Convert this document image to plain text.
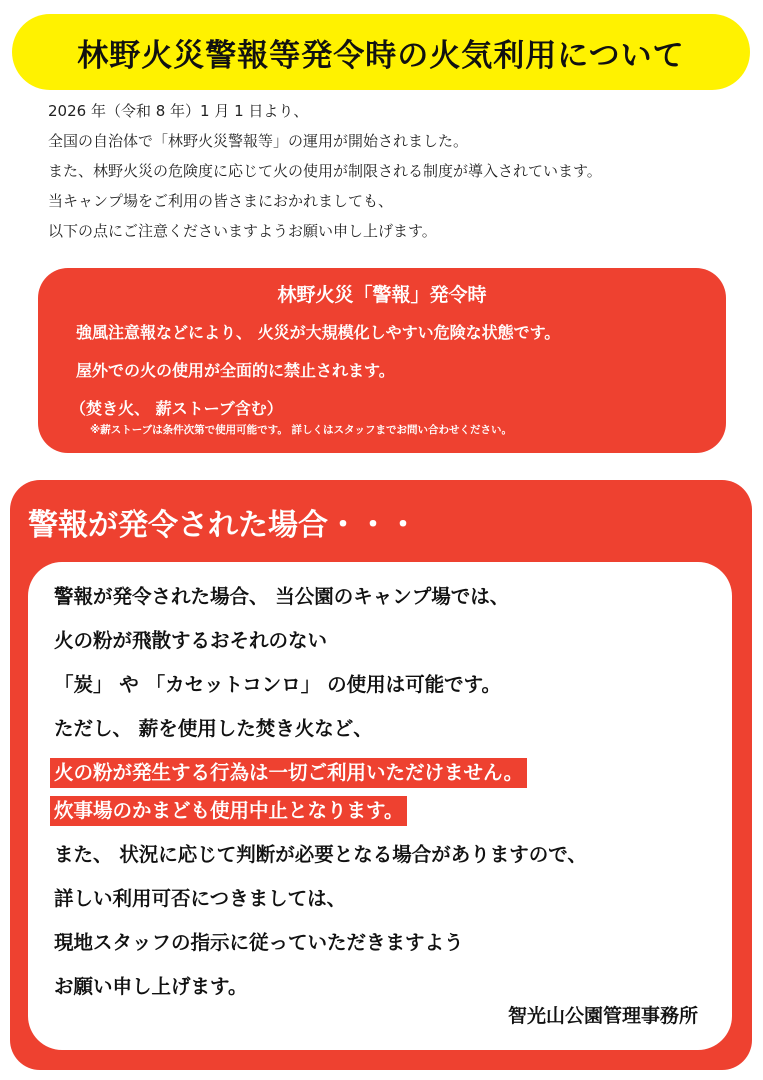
林野火災警報等発令時の火気利用について
2026 年（令和 8 年）1 月 1 日より、
全国の自治体で「林野火災警報等」の運用が開始されました。
また、林野火災の危険度に応じて火の使用が制限される制度が導入されています。
当キャンプ場をご利用の皆さまにおかれましても、
以下の点にご注意くださいますようお願い申し上げます。
林野火災「警報」発令時
強風注意報などにより、 火災が大規模化しやすい危険な状態です。
屋外での火の使用が全面的に禁止されます。
（焚き火、 薪ストーブ含む）
※薪ストーブは条件次第で使用可能です。 詳しくはスタッフまでお問い合わせください。
警報が発令された場合・・・
警報が発令された場合、 当公園のキャンプ場では、
火の粉が飛散するおそれのない
「炭」 や 「カセットコンロ」 の使用は可能です。
ただし、 薪を使用した焚き火など、
火の粉が発生する行為は一切ご利用いただけません。
炊事場のかまども使用中止となります。
また、 状況に応じて判断が必要となる場合がありますので、
詳しい利用可否につきましては、
現地スタッフの指示に従っていただきますよう
お願い申し上げます。
智光山公園管理事務所
